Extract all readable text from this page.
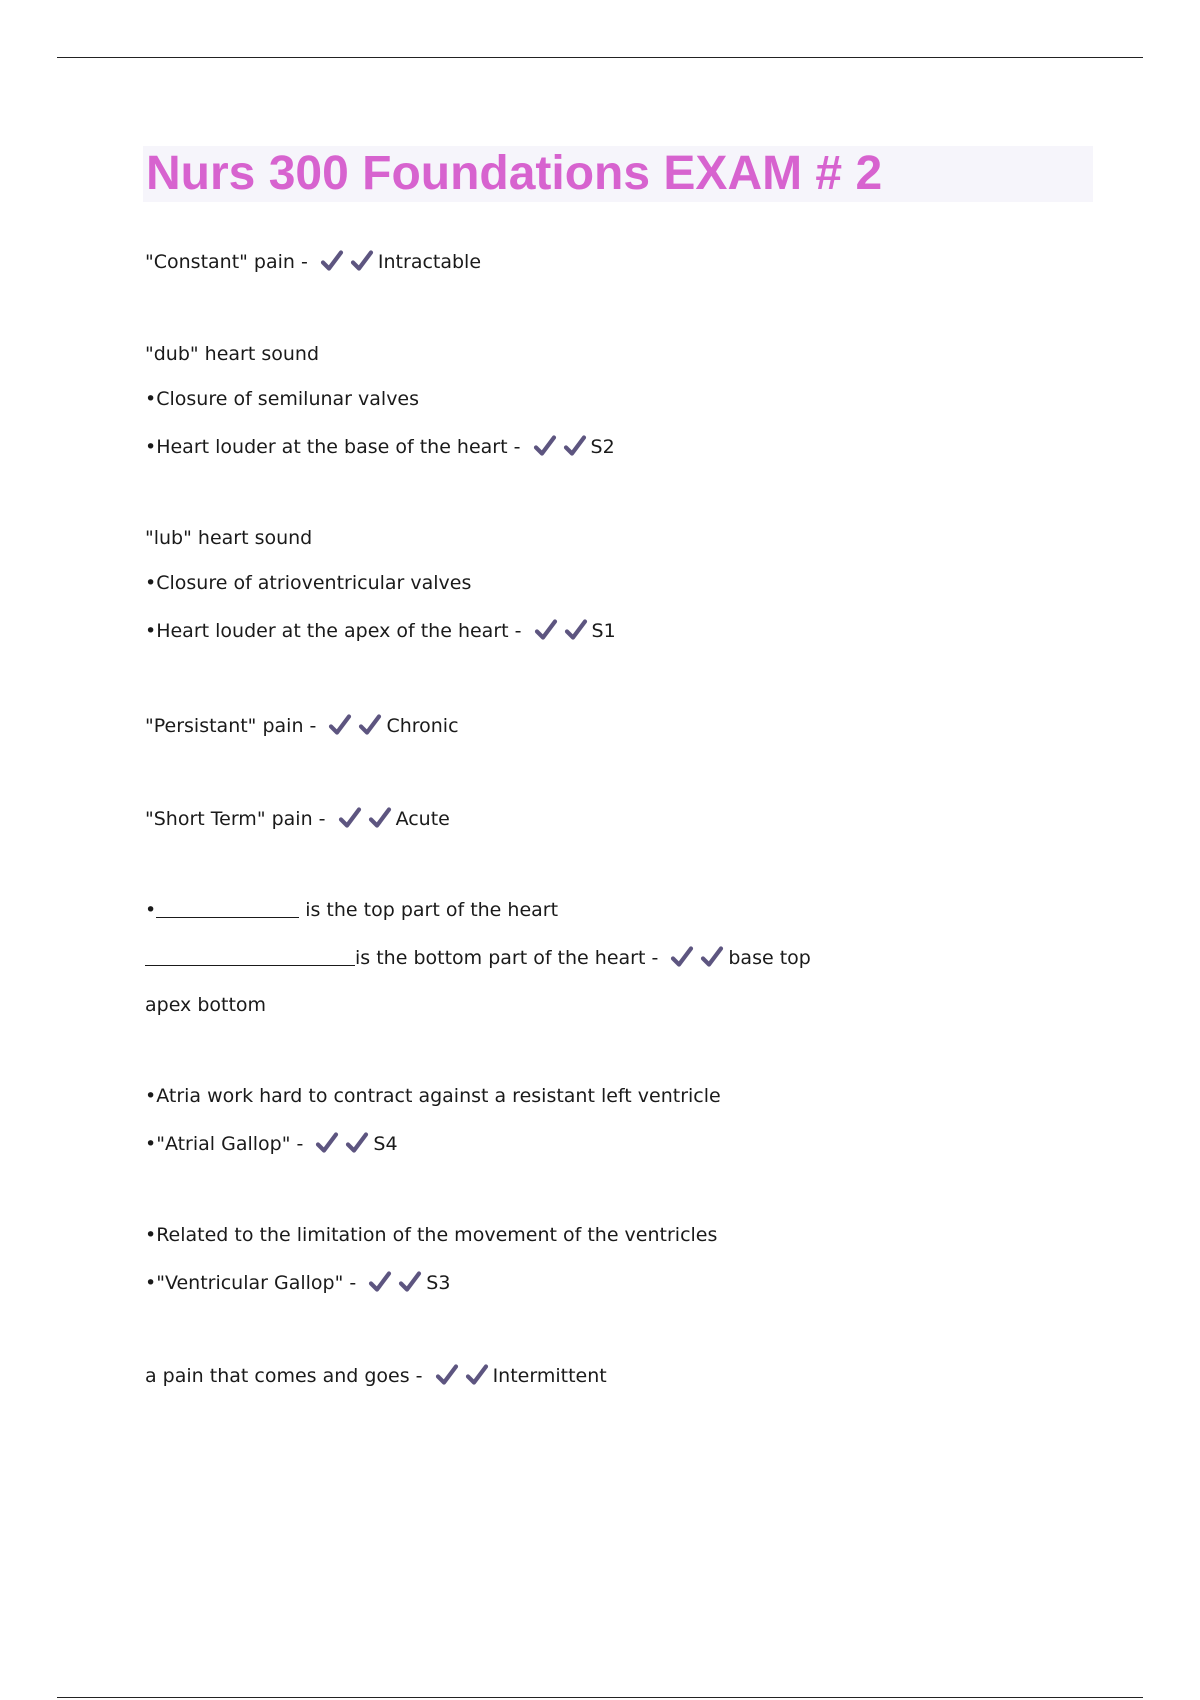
Nurs 300 Foundations EXAM # 2
"Constant" pain -	Intractable
"dub" heart sound
•Closure of semilunar valves
•Heart louder at the base of the heart -	S2
"lub" heart sound
•Closure of atrioventricular valves
•Heart louder at the apex of the heart -	S1
"Persistant" pain -	Chronic
"Short Term" pain -	Acute
•	is the top part of the heart
is the bottom part of the heart -	base top
apex bottom
•Atria work hard to contract against a resistant left ventricle
•"Atrial Gallop" -	S4
•Related to the limitation of the movement of the ventricles
•"Ventricular Gallop" -	S3
a pain that comes and goes -	Intermittent
